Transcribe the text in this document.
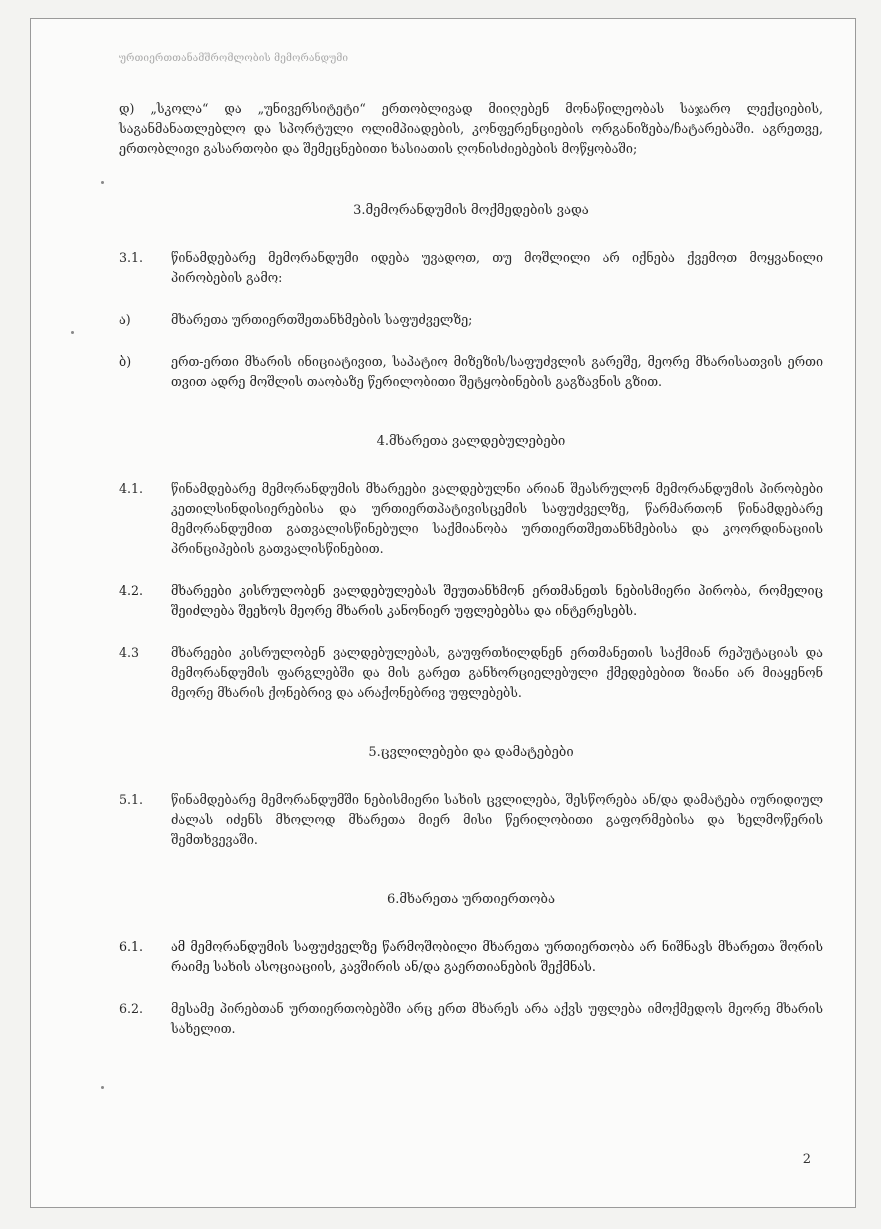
ურთიერთთანამშრომლობის მემორანდუმი

დ) „სკოლა“ და „უნივერსიტეტი“ ერთობლივად მიიღებენ მონაწილეობას საჯარო ლექციების, საგანმანათლებლო და სპორტული ოლიმპიადების, კონფერენციების ორგანიზება/ჩატარებაში. აგრეთვე, ერთობლივი გასართობი და შემეცნებითი ხასიათის ღონისძიებების მოწყობაში;

3.მემორანდუმის მოქმედების ვადა
3.1.	წინამდებარე მემორანდუმი იდება უვადოთ, თუ მოშლილი არ იქნება ქვემოთ მოყვანილი პირობების გამო:
ა)	მხარეთა ურთიერთშეთანხმების საფუძველზე;
ბ)	ერთ-ერთი მხარის ინიციატივით, საპატიო მიზეზის/საფუძვლის გარეშე, მეორე მხარისათვის ერთი თვით ადრე მოშლის თაობაზე წერილობითი შეტყობინების გაგზავნის გზით.
4.მხარეთა ვალდებულებები
4.1.	წინამდებარე მემორანდუმის მხარეები ვალდებულნი არიან შეასრულონ მემორანდუმის პირობები კეთილსინდისიერებისა და ურთიერთპატივისცემის საფუძველზე, წარმართონ წინამდებარე მემორანდუმით გათვალისწინებული საქმიანობა ურთიერთშეთანხმებისა და კოორდინაციის პრინციპების გათვალისწინებით.
4.2.	მხარეები კისრულობენ ვალდებულებას შეუთანხმონ ერთმანეთს ნებისმიერი პირობა, რომელიც შეიძლება შეეხოს მეორე მხარის კანონიერ უფლებებსა და ინტერესებს.
4.3	მხარეები კისრულობენ ვალდებულებას, გაუფრთხილდნენ ერთმანეთის საქმიან რეპუტაციას და მემორანდუმის ფარგლებში და მის გარეთ განხორციელებული ქმედებებით ზიანი არ მიაყენონ მეორე მხარის ქონებრივ და არაქონებრივ უფლებებს.
5.ცვლილებები და დამატებები
5.1.	წინამდებარე მემორანდუმში ნებისმიერი სახის ცვლილება, შესწორება ან/და დამატება იურიდიულ ძალას იძენს მხოლოდ მხარეთა მიერ მისი წერილობითი გაფორმებისა და ხელმოწერის შემთხვევაში.
6.მხარეთა ურთიერთობა
6.1.	ამ მემორანდუმის საფუძველზე წარმოშობილი მხარეთა ურთიერთობა არ ნიშნავს მხარეთა შორის რაიმე სახის ასოციაციის, კავშირის ან/და გაერთიანების შექმნას.
6.2.	მესამე პირებთან ურთიერთობებში არც ერთ მხარეს არა აქვს უფლება იმოქმედოს მეორე მხარის სახელით.
2
